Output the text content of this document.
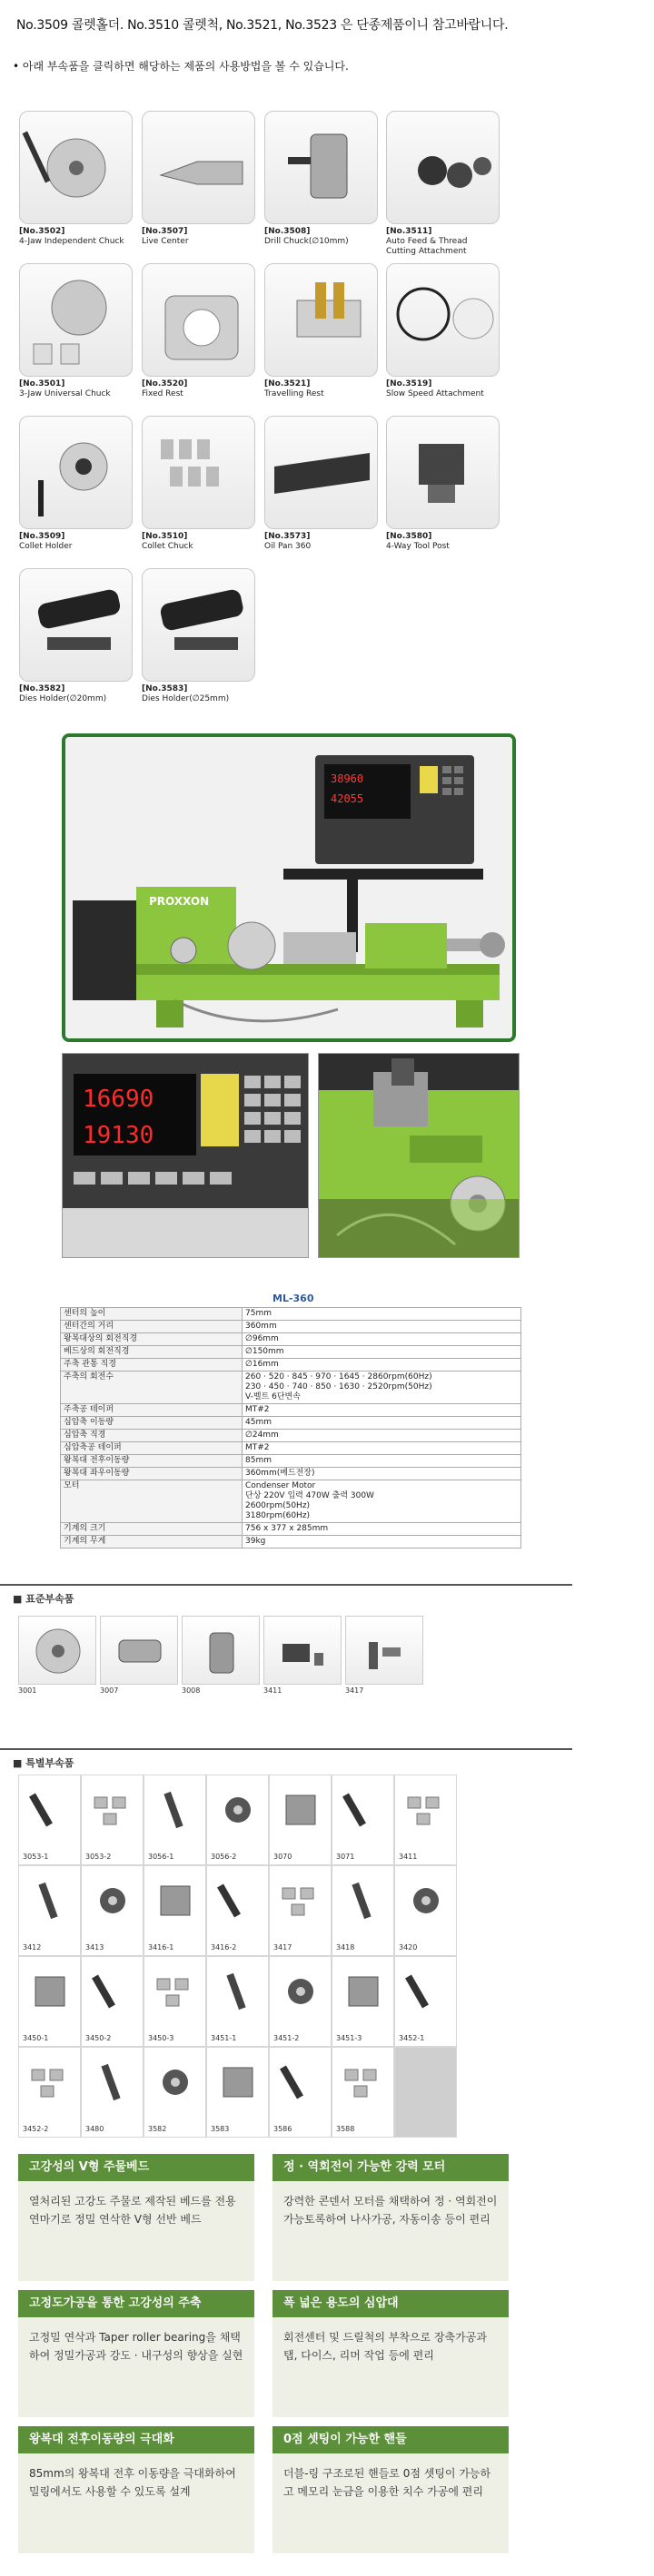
No.3509 콜렛홀더. No.3510 콜렛척, No.3521, No.3523 은 단종제품이니 참고바랍니다.
• 아래 부속품을 클릭하면 해당하는 제품의 사용방법을 볼 수 있습니다.
[No.3502]
4-Jaw Independent Chuck
[No.3507]
Live Center
[No.3508]
Drill Chuck(∅10mm)
[No.3511]
Auto Feed & Thread Cutting Attachment
[No.3501]
3-Jaw Universal Chuck
[No.3520]
Fixed Rest
[No.3521]
Travelling Rest
[No.3519]
Slow Speed Attachment
[No.3509]
Collet Holder
[No.3510]
Collet Chuck
[No.3573]
Oil Pan 360
[No.3580]
4-Way Tool Post
[No.3582]
Dies Holder(∅20mm)
[No.3583]
Dies Holder(∅25mm)
38960
42055
PROXXON
16690
19130
ML-360
센터의 높이	75mm
센터간의 거리	360mm
왕복대상의 회전직경	∅96mm
베드상의 회전직경	∅150mm
주축 관통 직경	∅16mm
주축의 회전수	260 · 520 · 845 · 970 · 1645 · 2860rpm(60Hz)
230 · 450 · 740 · 850 · 1630 · 2520rpm(50Hz)
V-벨트 6단변속
주축공 테이퍼	MT#2
심압축 이동량	45mm
심압축 직경	∅24mm
심압축공 테이퍼	MT#2
왕복대 전후이동량	85mm
왕복대 좌우이동량	360mm(베드전장)
모터	Condenser Motor
단상 220V 입력 470W 출력 300W
2600rpm(50Hz)
3180rpm(60Hz)
기계의 크기	756 x 377 x 285mm
기계의 무게	39kg
■ 표준부속품
3001	3007	3008	3411	3417
■ 특별부속품
3053-1	3053-2	3056-1	3056-2	3070	3071	3411
3412	3413	3416-1	3416-2	3417	3418	3420
3450-1	3450-2	3450-3	3451-1	3451-2	3451-3	3452-1
3452-2	3480	3582	3583	3586	3588
고강성의 V형 주물베드
열처리된 고강도 주물로 제작된 베드를 전용 연마기로 정밀 연삭한 V형 선반 베드
정 · 역회전이 가능한 강력 모터
강력한 콘덴서 모터를 채택하여 정 · 역회전이 가능토록하여 나사가공, 자동이송 등이 편리
고정도가공을 통한 고강성의 주축
고정밀 연삭과 Taper roller bearing을 채택하여 정밀가공과 강도 · 내구성의 향상을 실현
폭 넓은 용도의 심압대
회전센터 및 드릴척의 부착으로 장축가공과 탭, 다이스, 리머 작업 등에 편리
왕복대 전후이동량의 극대화
85mm의 왕복대 전후 이동량을 극대화하여 밀링에서도 사용할 수 있도록 설계
0점 셋팅이 가능한 핸들
더블-링 구조로된 핸들로 0점 셋팅이 가능하고 메모리 눈금을 이용한 치수 가공에 편리
